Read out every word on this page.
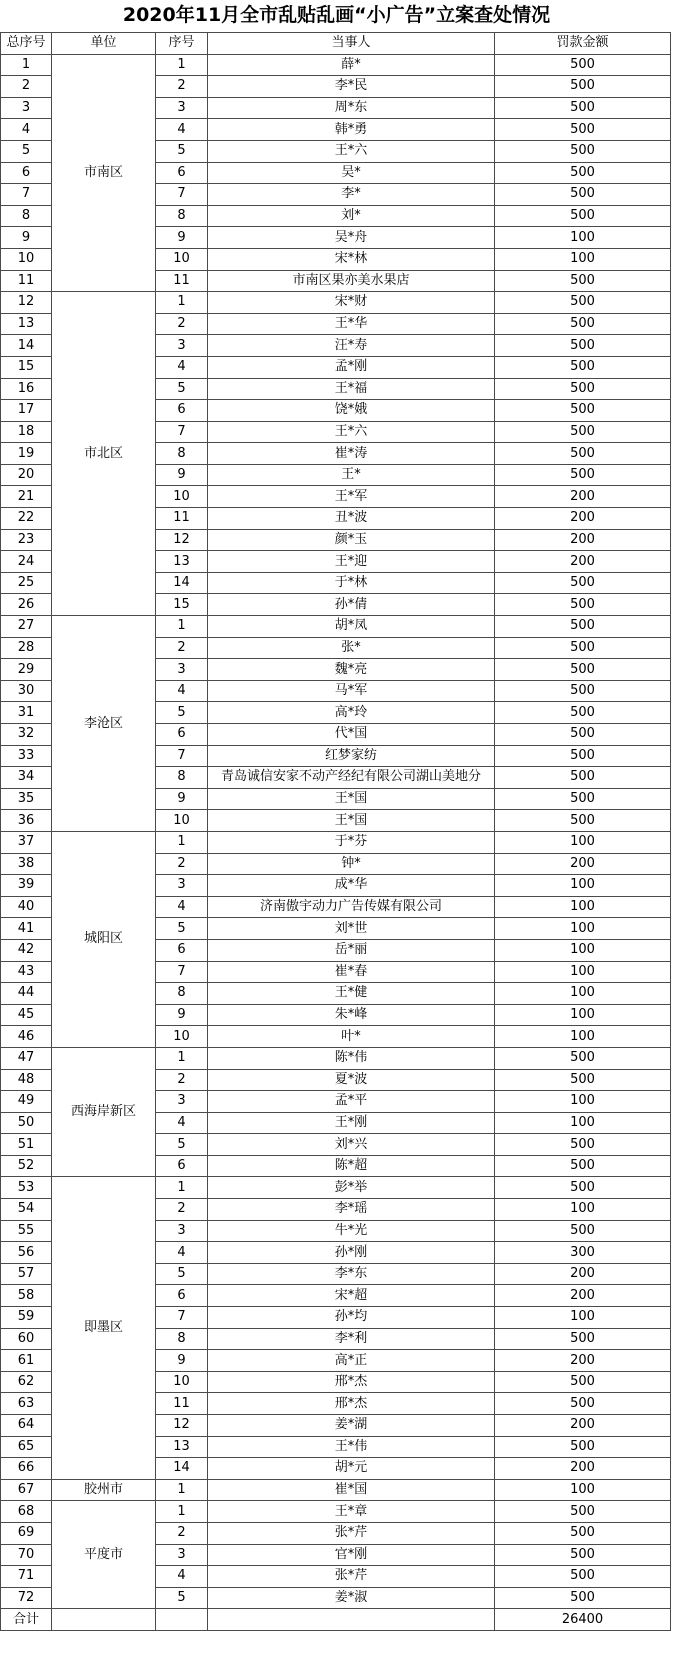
2020年11月全市乱贴乱画“小广告”立案查处情况
总序号	单位	序号	当事人	罚款金额
1	市南区	1	薛*	500
2		2	李*民	500
3		3	周*东	500
4		4	韩*勇	500
5		5	王*六	500
6		6	吴*	500
7		7	李*	500
8		8	刘*	500
9		9	吴*舟	100
10		10	宋*林	100
11		11	市南区果亦美水果店	500
12	市北区	1	宋*财	500
13		2	王*华	500
14		3	汪*寿	500
15		4	孟*刚	500
16		5	王*福	500
17		6	饶*娥	500
18		7	王*六	500
19		8	崔*涛	500
20		9	王*	500
21		10	王*军	200
22		11	丑*波	200
23		12	颜*玉	200
24		13	王*迎	200
25		14	于*林	500
26		15	孙*倩	500
27	李沧区	1	胡*凤	500
28		2	张*	500
29		3	魏*亮	500
30		4	马*军	500
31		5	高*玲	500
32		6	代*国	500
33		7	红梦家纺	500
34		8	青岛诚信安家不动产经纪有限公司湖山美地分	500
35		9	王*国	500
36		10	王*国	500
37	城阳区	1	于*芬	100
38		2	钟*	200
39		3	成*华	100
40		4	济南傲宇动力广告传媒有限公司	100
41		5	刘*世	100
42		6	岳*丽	100
43		7	崔*春	100
44		8	王*健	100
45		9	朱*峰	100
46		10	叶*	100
47	西海岸新区	1	陈*伟	500
48		2	夏*波	500
49		3	孟*平	100
50		4	王*刚	100
51		5	刘*兴	500
52		6	陈*超	500
53	即墨区	1	彭*举	500
54		2	李*瑶	100
55		3	牛*光	500
56		4	孙*刚	300
57		5	李*东	200
58		6	宋*超	200
59		7	孙*均	100
60		8	李*利	500
61		9	高*正	200
62		10	邢*杰	500
63		11	邢*杰	500
64		12	姜*湖	200
65		13	王*伟	500
66		14	胡*元	200
67	胶州市	1	崔*国	100
68	平度市	1	王*章	500
69		2	张*芹	500
70		3	官*刚	500
71		4	张*芹	500
72		5	姜*淑	500
合计				26400
